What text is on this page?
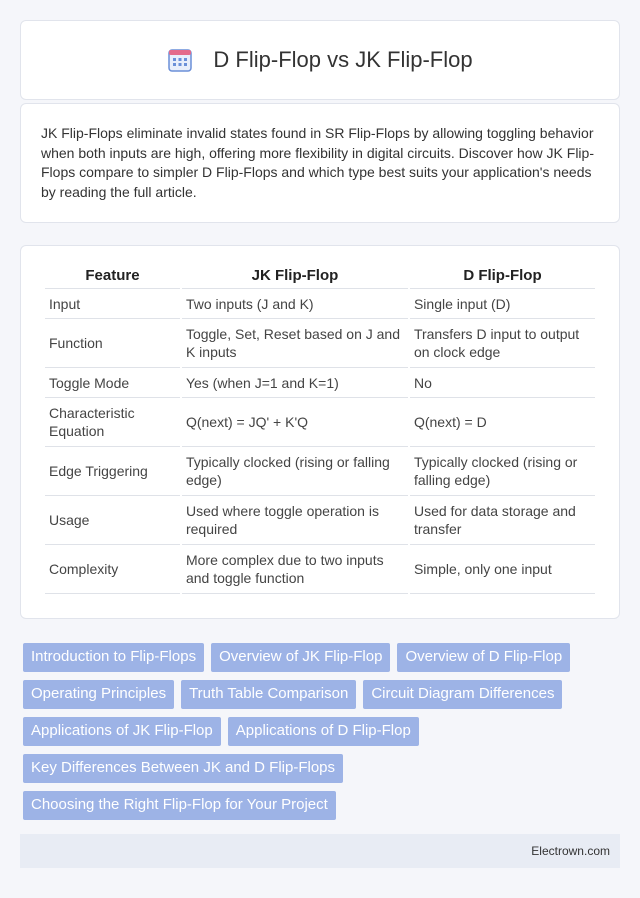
D Flip-Flop vs JK Flip-Flop

JK Flip-Flops eliminate invalid states found in SR Flip-Flops by allowing toggling behavior when both inputs are high, offering more flexibility in digital circuits. Discover how JK Flip-Flops compare to simpler D Flip-Flops and which type best suits your application's needs by reading the full article.

Feature	JK Flip-Flop	D Flip-Flop
Input	Two inputs (J and K)	Single input (D)
Function	Toggle, Set, Reset based on J and K inputs	Transfers D input to output on clock edge
Toggle Mode	Yes (when J=1 and K=1)	No
Characteristic Equation	Q(next) = JQ' + K'Q	Q(next) = D
Edge Triggering	Typically clocked (rising or falling edge)	Typically clocked (rising or falling edge)
Usage	Used where toggle operation is required	Used for data storage and transfer
Complexity	More complex due to two inputs and toggle function	Simple, only one input
Introduction to Flip-Flops	Overview of JK Flip-Flop	Overview of D Flip-Flop
Operating Principles	Truth Table Comparison	Circuit Diagram Differences
Applications of JK Flip-Flop	Applications of D Flip-Flop
Key Differences Between JK and D Flip-Flops
Choosing the Right Flip-Flop for Your Project
Electrown.com
